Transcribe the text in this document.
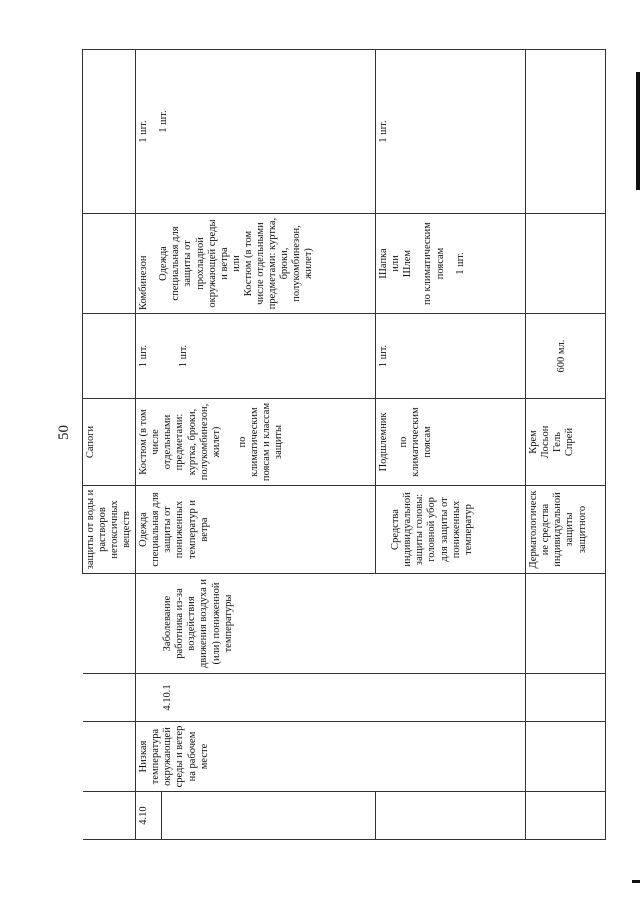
50
				защиты от воды и растворов нетоксичных веществ	Сапоги			
4.10	Низкая температура окружающей среды и ветер на рабочем месте	4.10.1	Заболевание работника из-за воздействия движения воздуха и (или) пониженной температуры	Одежда специальная для защиты от пониженных температур и ветра	Костюм (в том числе отдельными предметами: куртка, брюки, полукомбинезон, жилет) по климатическим поясам и классам защиты	1 шт. 1 шт.	Комбинезон Одежда специальная для защиты от прохладной окружающей среды и ветра или Костюм (в том числе отдельными предметами: куртка, брюки, полукомбинезон, жилет)	1 шт. 1 шт.

				Средства индивидуальной защиты головы: головной убор для защиты от пониженных температур	Подшлемник по климатическим поясам	1 шт.	Шапка или Шлем по климатическим поясам 1 шт.	1 шт.
				Дерматологические средства индивидуальной защиты защитного	Крем Лосьон Гель Спрей	600 мл.		
